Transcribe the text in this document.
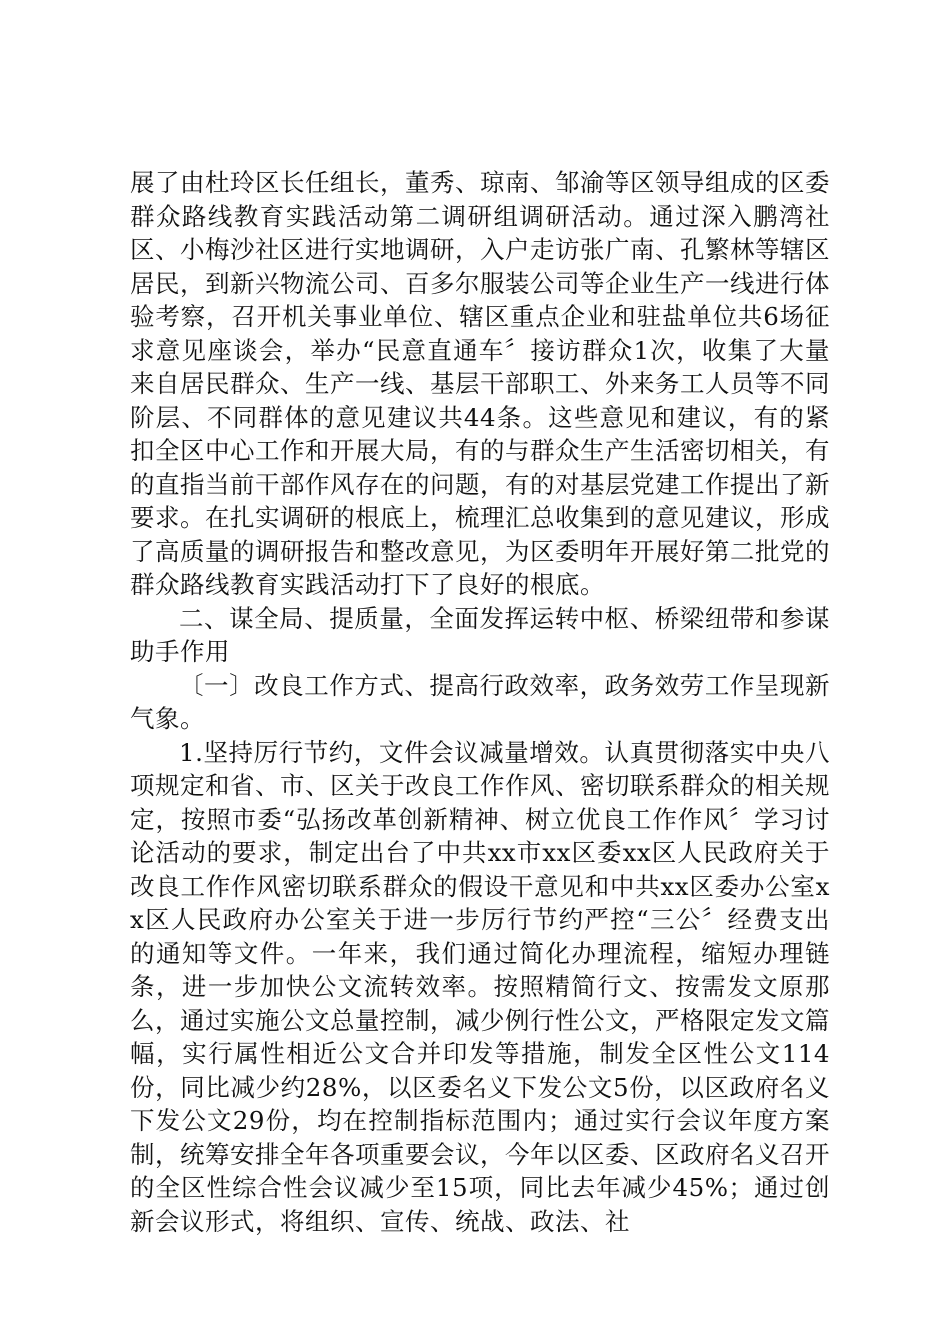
展了由杜玲区长任组长，董秀、琼南、邹渝等区领导组成的区委群众路线教育实践活动第二调研组调研活动。通过深入鹏湾社区、小梅沙社区进行实地调研，入户走访张广南、孔繁林等辖区居民，到新兴物流公司、百多尔服装公司等企业生产一线进行体验考察，召开机关事业单位、辖区重点企业和驻盐单位共6场征求意见座谈会，举办“民意直通车〞接访群众1次，收集了大量来自居民群众、生产一线、基层干部职工、外来务工人员等不同阶层、不同群体的意见建议共44条。这些意见和建议，有的紧扣全区中心工作和开展大局，有的与群众生产生活密切相关，有的直指当前干部作风存在的问题，有的对基层党建工作提出了新要求。在扎实调研的根底上，梳理汇总收集到的意见建议，形成了高质量的调研报告和整改意见，为区委明年开展好第二批党的群众路线教育实践活动打下了良好的根底。

二、谋全局、提质量，全面发挥运转中枢、桥梁纽带和参谋助手作用

〔一〕改良工作方式、提高行政效率，政务效劳工作呈现新气象。

1.坚持厉行节约，文件会议减量增效。认真贯彻落实中央八项规定和省、市、区关于改良工作作风、密切联系群众的相关规定，按照市委“弘扬改革创新精神、树立优良工作作风〞学习讨论活动的要求，制定出台了中共xx市xx区委xx区人民政府关于改良工作作风密切联系群众的假设干意见和中共xx区委办公室xx区人民政府办公室关于进一步厉行节约严控“三公〞经费支出的通知等文件。一年来，我们通过简化办理流程，缩短办理链条，进一步加快公文流转效率。按照精简行文、按需发文原那么，通过实施公文总量控制，减少例行性公文，严格限定发文篇幅，实行属性相近公文合并印发等措施，制发全区性公文114份，同比减少约28%，以区委名义下发公文5份，以区政府名义下发公文29份，均在控制指标范围内；通过实行会议年度方案制，统筹安排全年各项重要会议，今年以区委、区政府名义召开的全区性综合性会议减少至15项，同比去年减少45%；通过创新会议形式，将组织、宣传、统战、政法、社
